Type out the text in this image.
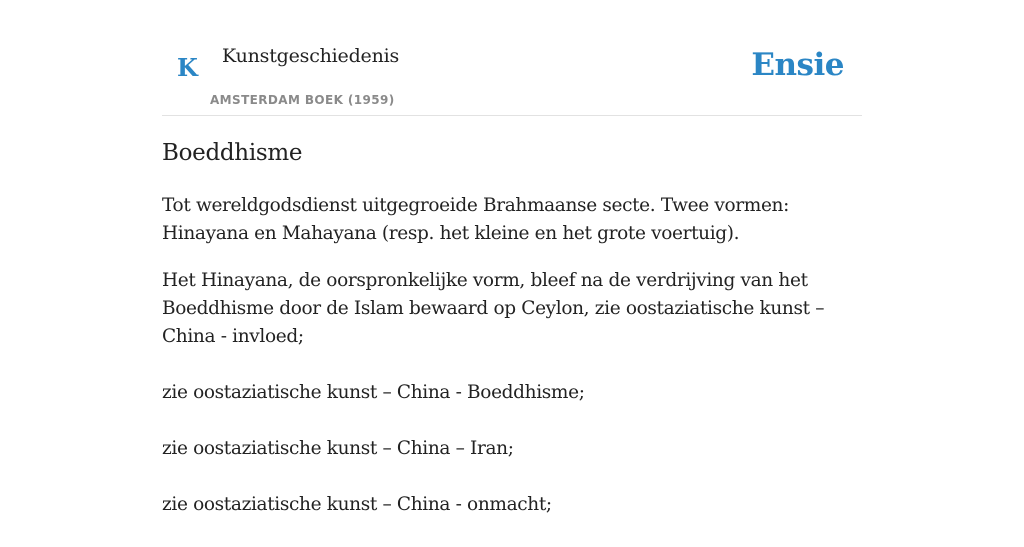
K Kunstgeschiedenis
AMSTERDAM BOEK (1959)
Ensie
Boeddhisme

Tot wereldgodsdienst uitgegroeide Brahmaanse secte. Twee vormen: Hinayana en Mahayana (resp. het kleine en het grote voertuig).

Het Hinayana, de oorspronkelijke vorm, bleef na de verdrijving van het Boeddhisme door de Islam bewaard op Ceylon, zie oostaziatische kunst – China - invloed;

zie oostaziatische kunst – China - Boeddhisme;

zie oostaziatische kunst – China – Iran;

zie oostaziatische kunst – China - onmacht;
